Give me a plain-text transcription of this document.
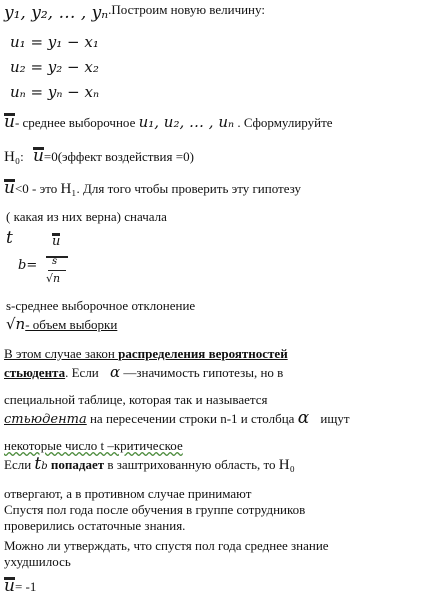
y₁, y₂, … , yₙ.Построим новую величину:
u₁ = y₁ − x₁
u₂ = y₂ − x₂
uₙ = yₙ − xₙ
u- среднее выборочное u₁, u₂, … , uₙ . Сформулируйте
H₀: u=0(эффект воздействия =0)
u<0 - это H₁. Для того чтобы проверить эту гипотезу
( какая из них верна) сначала
t
b=
u
s
√n
s-среднее выборочное отклонение
√n- объем выборки
В этом случае закон распределения вероятностей
стьюдента. Если α —значимость гипотезы, но в
специальной таблице, которая так и называется
стьюдента на пересечении строки n-1 и столбца α ищут
некоторые число t –критическое
Если tb попадает в заштрихованную область, то H₀
отвергают, а в противном случае принимают
Спустя пол года после обучения в группе сотрудников
проверились остаточные знания.
Можно ли утверждать, что спустя пол года среднее знание
ухудшилось
u= -1
